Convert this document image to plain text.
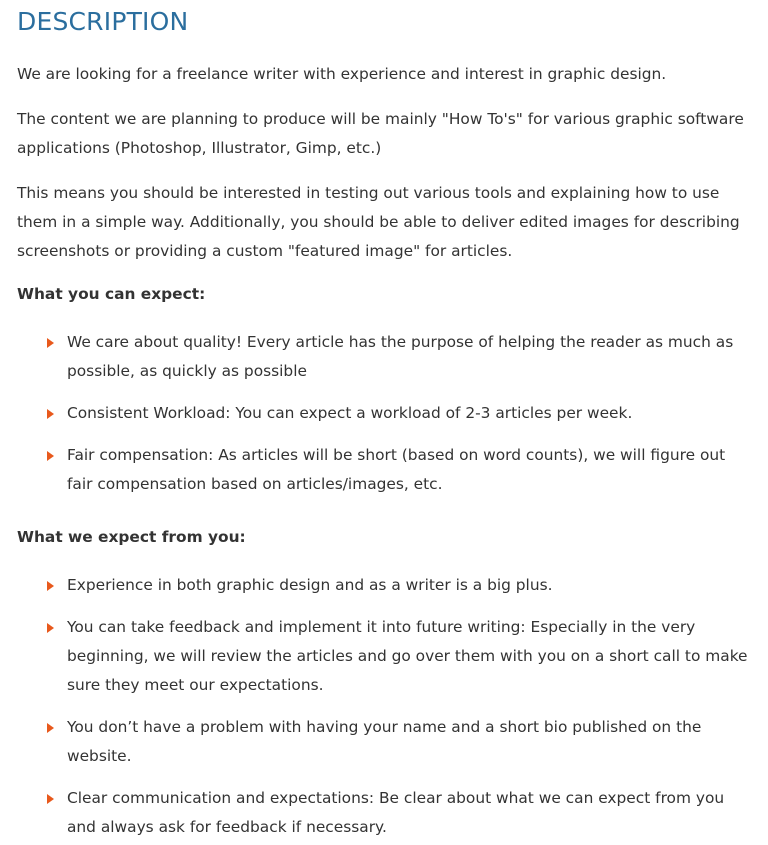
DESCRIPTION

We are looking for a freelance writer with experience and interest in graphic design.

The content we are planning to produce will be mainly "How To's" for various graphic software applications (Photoshop, Illustrator, Gimp, etc.)

This means you should be interested in testing out various tools and explaining how to use them in a simple way. Additionally, you should be able to deliver edited images for describing screenshots or providing a custom "featured image" for articles.

What you can expect:
We care about quality! Every article has the purpose of helping the reader as much as possible, as quickly as possible
Consistent Workload: You can expect a workload of 2-3 articles per week.
Fair compensation: As articles will be short (based on word counts), we will figure out fair compensation based on articles/images, etc.
What we expect from you:
Experience in both graphic design and as a writer is a big plus.
You can take feedback and implement it into future writing: Especially in the very beginning, we will review the articles and go over them with you on a short call to make sure they meet our expectations.
You don’t have a problem with having your name and a short bio published on the website.
Clear communication and expectations: Be clear about what we can expect from you and always ask for feedback if necessary.
